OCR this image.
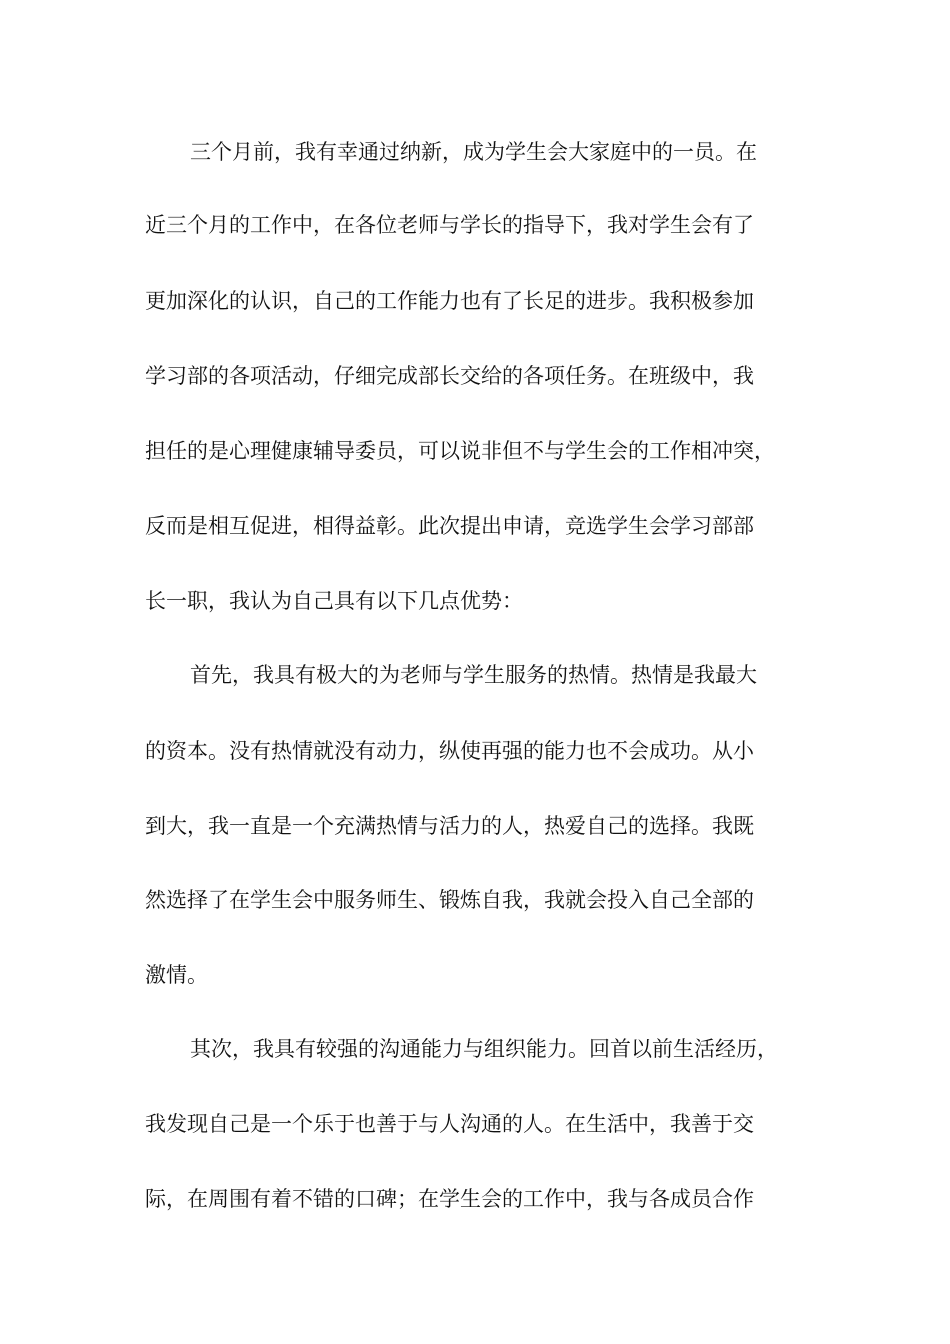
三个月前，我有幸通过纳新，成为学生会大家庭中的一员。在
近三个月的工作中，在各位老师与学长的指导下，我对学生会有了
更加深化的认识，自己的工作能力也有了长足的进步。我积极参加
学习部的各项活动，仔细完成部长交给的各项任务。在班级中，我
担任的是心理健康辅导委员，可以说非但不与学生会的工作相冲突，
反而是相互促进，相得益彰。此次提出申请，竞选学生会学习部部
长一职，我认为自己具有以下几点优势：
首先，我具有极大的为老师与学生服务的热情。热情是我最大
的资本。没有热情就没有动力，纵使再强的能力也不会成功。从小
到大，我一直是一个充满热情与活力的人，热爱自己的选择。我既
然选择了在学生会中服务师生、锻炼自我，我就会投入自己全部的
激情。
其次，我具有较强的沟通能力与组织能力。回首以前生活经历，
我发现自己是一个乐于也善于与人沟通的人。在生活中，我善于交
际，在周围有着不错的口碑；在学生会的工作中，我与各成员合作
